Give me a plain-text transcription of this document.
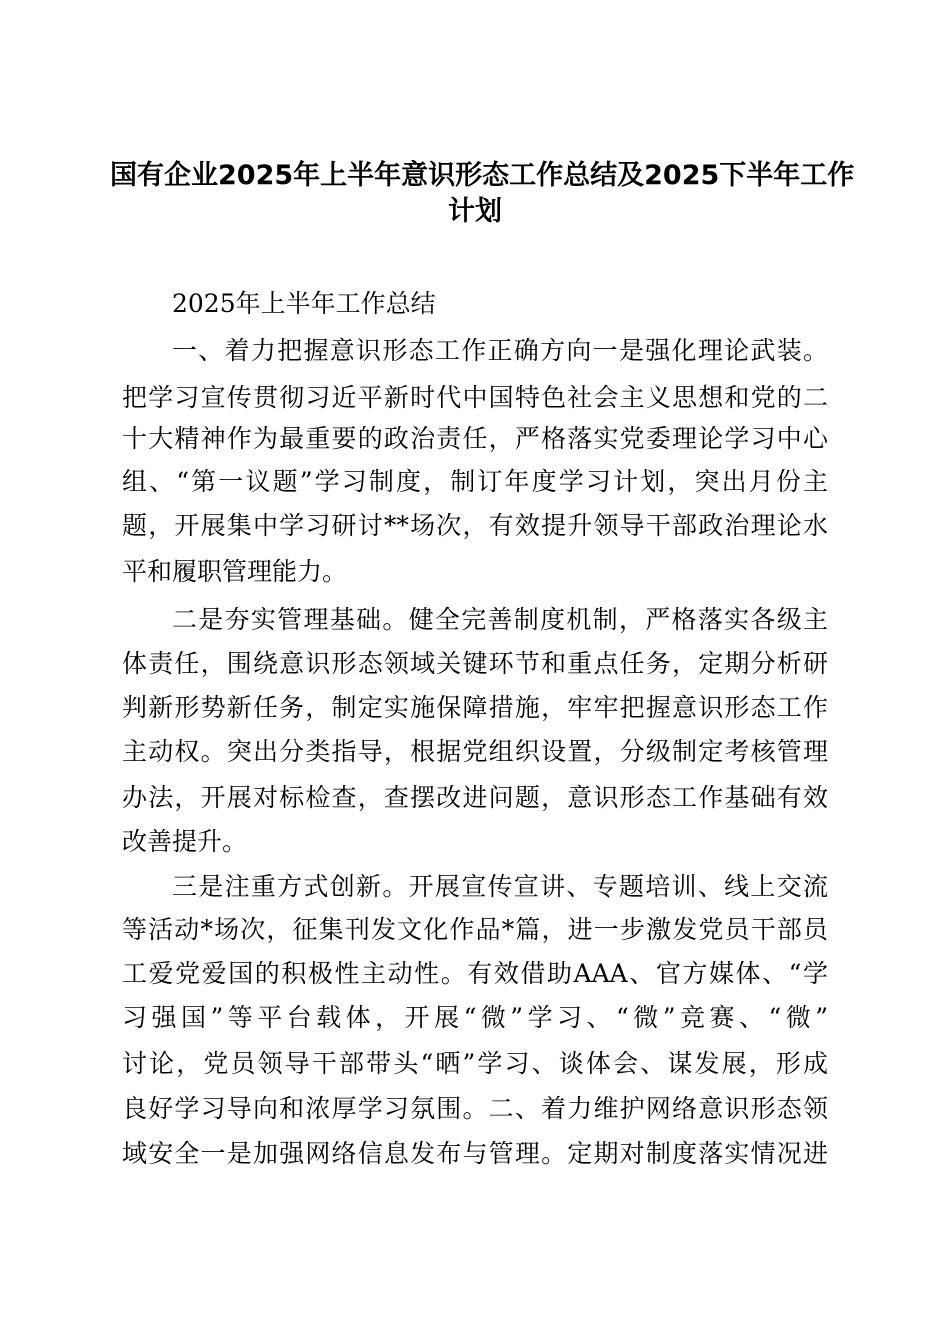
国有企业2025年上半年意识形态工作总结及2025下半年工作
计划
2025年上半年工作总结
一、着力把握意识形态工作正确方向一是强化理论武装。
把学习宣传贯彻习近平新时代中国特色社会主义思想和党的二
十大精神作为最重要的政治责任，严格落实党委理论学习中心
组、“第一议题”学习制度，制订年度学习计划，突出月份主
题，开展集中学习研讨**场次，有效提升领导干部政治理论水
平和履职管理能力。
二是夯实管理基础。健全完善制度机制，严格落实各级主
体责任，围绕意识形态领域关键环节和重点任务，定期分析研
判新形势新任务，制定实施保障措施，牢牢把握意识形态工作
主动权。突出分类指导，根据党组织设置，分级制定考核管理
办法，开展对标检查，查摆改进问题，意识形态工作基础有效
改善提升。
三是注重方式创新。开展宣传宣讲、专题培训、线上交流
等活动*场次，征集刊发文化作品*篇，进一步激发党员干部员
工爱党爱国的积极性主动性。有效借助AAA、官方媒体、“学
习强国”等平台载体，开展“微”学习、“微”竞赛、“微”
讨论，党员领导干部带头“晒”学习、谈体会、谋发展，形成
良好学习导向和浓厚学习氛围。二、着力维护网络意识形态领
域安全一是加强网络信息发布与管理。定期对制度落实情况进
